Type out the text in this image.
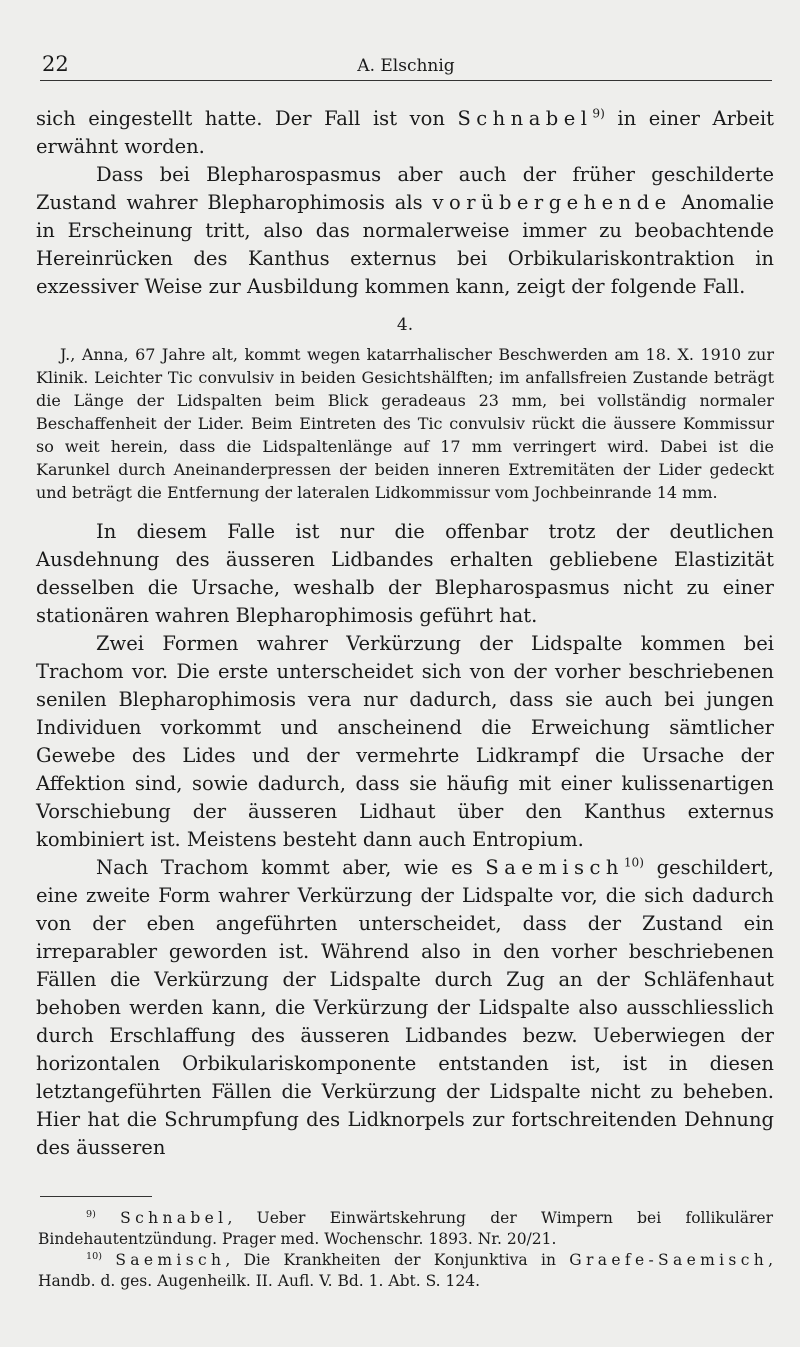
22	A. Elschnig

sich eingestellt hatte. Der Fall ist von Schnabel$^{9)}$ in einer Arbeit erwähnt worden.

Dass bei Blepharospasmus aber auch der früher geschilderte Zustand wahrer Blepharophimosis als vorübergehende Anomalie in Erscheinung tritt, also das normalerweise immer zu beobachtende Hereinrücken des Kanthus externus bei Orbikulariskontraktion in exzessiver Weise zur Ausbildung kommen kann, zeigt der folgende Fall.

4.

J., Anna, 67 Jahre alt, kommt wegen katarrhalischer Beschwerden am 18. X. 1910 zur Klinik. Leichter Tic convulsiv in beiden Gesichtshälften; im anfallsfreien Zustande beträgt die Länge der Lidspalten beim Blick geradeaus 23 mm, bei vollständig normaler Beschaffenheit der Lider. Beim Eintreten des Tic convulsiv rückt die äussere Kommissur so weit herein, dass die Lidspaltenlänge auf 17 mm verringert wird. Dabei ist die Karunkel durch Aneinanderpressen der beiden inneren Extremitäten der Lider gedeckt und beträgt die Entfernung der lateralen Lidkommissur vom Jochbeinrande 14 mm.

In diesem Falle ist nur die offenbar trotz der deutlichen Ausdehnung des äusseren Lidbandes erhalten gebliebene Elastizität desselben die Ursache, weshalb der Blepharospasmus nicht zu einer stationären wahren Blepharophimosis geführt hat.

Zwei Formen wahrer Verkürzung der Lidspalte kommen bei Trachom vor. Die erste unterscheidet sich von der vorher beschriebenen senilen Blepharophimosis vera nur dadurch, dass sie auch bei jungen Individuen vorkommt und anscheinend die Erweichung sämtlicher Gewebe des Lides und der vermehrte Lidkrampf die Ursache der Affektion sind, sowie dadurch, dass sie häufig mit einer kulissenartigen Vorschiebung der äusseren Lidhaut über den Kanthus externus kombiniert ist. Meistens besteht dann auch Entropium.

Nach Trachom kommt aber, wie es Saemisch$^{10)}$ geschildert, eine zweite Form wahrer Verkürzung der Lidspalte vor, die sich dadurch von der eben angeführten unterscheidet, dass der Zustand ein irreparabler geworden ist. Während also in den vorher beschriebenen Fällen die Verkürzung der Lidspalte durch Zug an der Schläfenhaut behoben werden kann, die Verkürzung der Lidspalte also ausschliesslich durch Erschlaffung des äusseren Lidbandes bezw. Ueberwiegen der horizontalen Orbikulariskomponente entstanden ist, ist in diesen letztangeführten Fällen die Verkürzung der Lidspalte nicht zu beheben. Hier hat die Schrumpfung des Lidknorpels zur fortschreitenden Dehnung des äusseren

$^{9)}$ Schnabel, Ueber Einwärtskehrung der Wimpern bei follikulärer Bindehautentzündung. Prager med. Wochenschr. 1893. Nr. 20/21.

$^{10)}$ Saemisch, Die Krankheiten der Konjunktiva in Graefe-Saemisch, Handb. d. ges. Augenheilk. II. Aufl. V. Bd. 1. Abt. S. 124.
